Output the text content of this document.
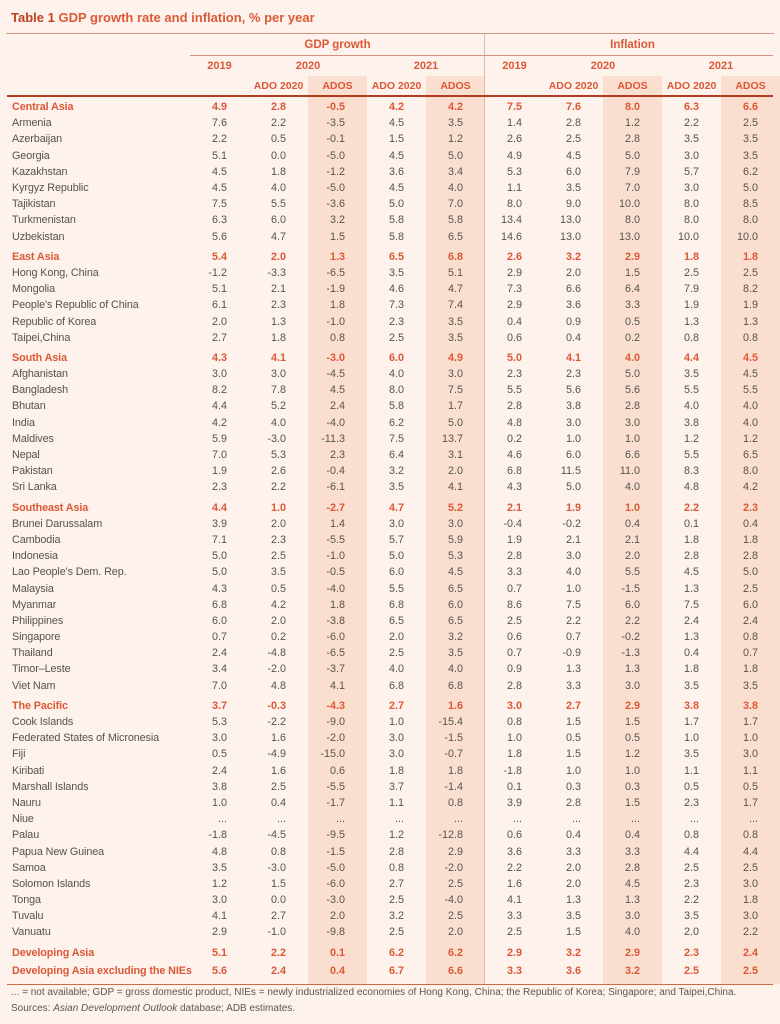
Table 1 GDP growth rate and inflation, % per year
GDP growth	Inflation
2019	2020	2021	2019	2020	2021
ADO 2020	ADOS	ADO 2020	ADOS	ADO 2020	ADOS	ADO 2020	ADOS
Central Asia	4.9	2.8	-0.5	4.2	4.2	7.5	7.6	8.0	6.3	6.6
Armenia	7.6	2.2	-3.5	4.5	3.5	1.4	2.8	1.2	2.2	2.5
Azerbaijan	2.2	0.5	-0.1	1.5	1.2	2.6	2.5	2.8	3.5	3.5
Georgia	5.1	0.0	-5.0	4.5	5.0	4.9	4.5	5.0	3.0	3.5
Kazakhstan	4.5	1.8	-1.2	3.6	3.4	5.3	6.0	7.9	5.7	6.2
Kyrgyz Republic	4.5	4.0	-5.0	4.5	4.0	1.1	3.5	7.0	3.0	5.0
Tajikistan	7.5	5.5	-3.6	5.0	7.0	8.0	9.0	10.0	8.0	8.5
Turkmenistan	6.3	6.0	3.2	5.8	5.8	13.4	13.0	8.0	8.0	8.0
Uzbekistan	5.6	4.7	1.5	5.8	6.5	14.6	13.0	13.0	10.0	10.0
East Asia	5.4	2.0	1.3	6.5	6.8	2.6	3.2	2.9	1.8	1.8
Hong Kong, China	-1.2	-3.3	-6.5	3.5	5.1	2.9	2.0	1.5	2.5	2.5
Mongolia	5.1	2.1	-1.9	4.6	4.7	7.3	6.6	6.4	7.9	8.2
People's Republic of China	6.1	2.3	1.8	7.3	7.4	2.9	3.6	3.3	1.9	1.9
Republic of Korea	2.0	1.3	-1.0	2.3	3.5	0.4	0.9	0.5	1.3	1.3
Taipei,China	2.7	1.8	0.8	2.5	3.5	0.6	0.4	0.2	0.8	0.8
South Asia	4.3	4.1	-3.0	6.0	4.9	5.0	4.1	4.0	4.4	4.5
Afghanistan	3.0	3.0	-4.5	4.0	3.0	2.3	2.3	5.0	3.5	4.5
Bangladesh	8.2	7.8	4.5	8.0	7.5	5.5	5.6	5.6	5.5	5.5
Bhutan	4.4	5.2	2.4	5.8	1.7	2.8	3.8	2.8	4.0	4.0
India	4.2	4.0	-4.0	6.2	5.0	4.8	3.0	3.0	3.8	4.0
Maldives	5.9	-3.0	-11.3	7.5	13.7	0.2	1.0	1.0	1.2	1.2
Nepal	7.0	5.3	2.3	6.4	3.1	4.6	6.0	6.6	5.5	6.5
Pakistan	1.9	2.6	-0.4	3.2	2.0	6.8	11.5	11.0	8.3	8.0
Sri Lanka	2.3	2.2	-6.1	3.5	4.1	4.3	5.0	4.0	4.8	4.2
Southeast Asia	4.4	1.0	-2.7	4.7	5.2	2.1	1.9	1.0	2.2	2.3
Brunei Darussalam	3.9	2.0	1.4	3.0	3.0	-0.4	-0.2	0.4	0.1	0.4
Cambodia	7.1	2.3	-5.5	5.7	5.9	1.9	2.1	2.1	1.8	1.8
Indonesia	5.0	2.5	-1.0	5.0	5.3	2.8	3.0	2.0	2.8	2.8
Lao People's Dem. Rep.	5.0	3.5	-0.5	6.0	4.5	3.3	4.0	5.5	4.5	5.0
Malaysia	4.3	0.5	-4.0	5.5	6.5	0.7	1.0	-1.5	1.3	2.5
Myanmar	6.8	4.2	1.8	6.8	6.0	8.6	7.5	6.0	7.5	6.0
Philippines	6.0	2.0	-3.8	6.5	6.5	2.5	2.2	2.2	2.4	2.4
Singapore	0.7	0.2	-6.0	2.0	3.2	0.6	0.7	-0.2	1.3	0.8
Thailand	2.4	-4.8	-6.5	2.5	3.5	0.7	-0.9	-1.3	0.4	0.7
Timor–Leste	3.4	-2.0	-3.7	4.0	4.0	0.9	1.3	1.3	1.8	1.8
Viet Nam	7.0	4.8	4.1	6.8	6.8	2.8	3.3	3.0	3.5	3.5
The Pacific	3.7	-0.3	-4.3	2.7	1.6	3.0	2.7	2.9	3.8	3.8
Cook Islands	5.3	-2.2	-9.0	1.0	-15.4	0.8	1.5	1.5	1.7	1.7
Federated States of Micronesia	3.0	1.6	-2.0	3.0	-1.5	1.0	0.5	0.5	1.0	1.0
Fiji	0.5	-4.9	-15.0	3.0	-0.7	1.8	1.5	1.2	3.5	3.0
Kiribati	2.4	1.6	0.6	1.8	1.8	-1.8	1.0	1.0	1.1	1.1
Marshall Islands	3.8	2.5	-5.5	3.7	-1.4	0.1	0.3	0.3	0.5	0.5
Nauru	1.0	0.4	-1.7	1.1	0.8	3.9	2.8	1.5	2.3	1.7
Niue	...	...	...	...	...	...	...	...	...	...
Palau	-1.8	-4.5	-9.5	1.2	-12.8	0.6	0.4	0.4	0.8	0.8
Papua New Guinea	4.8	0.8	-1.5	2.8	2.9	3.6	3.3	3.3	4.4	4.4
Samoa	3.5	-3.0	-5.0	0.8	-2.0	2.2	2.0	2.8	2.5	2.5
Solomon Islands	1.2	1.5	-6.0	2.7	2.5	1.6	2.0	4.5	2.3	3.0
Tonga	3.0	0.0	-3.0	2.5	-4.0	4.1	1.3	1.3	2.2	1.8
Tuvalu	4.1	2.7	2.0	3.2	2.5	3.3	3.5	3.0	3.5	3.0
Vanuatu	2.9	-1.0	-9.8	2.5	2.0	2.5	1.5	4.0	2.0	2.2
Developing Asia	5.1	2.2	0.1	6.2	6.2	2.9	3.2	2.9	2.3	2.4
Developing Asia excluding the NIEs	5.6	2.4	0.4	6.7	6.6	3.3	3.6	3.2	2.5	2.5
... = not available; GDP = gross domestic product, NIEs = newly industrialized economies of Hong Kong, China; the Republic of Korea; Singapore; and Taipei,China.
Sources: Asian Development Outlook database; ADB estimates.
